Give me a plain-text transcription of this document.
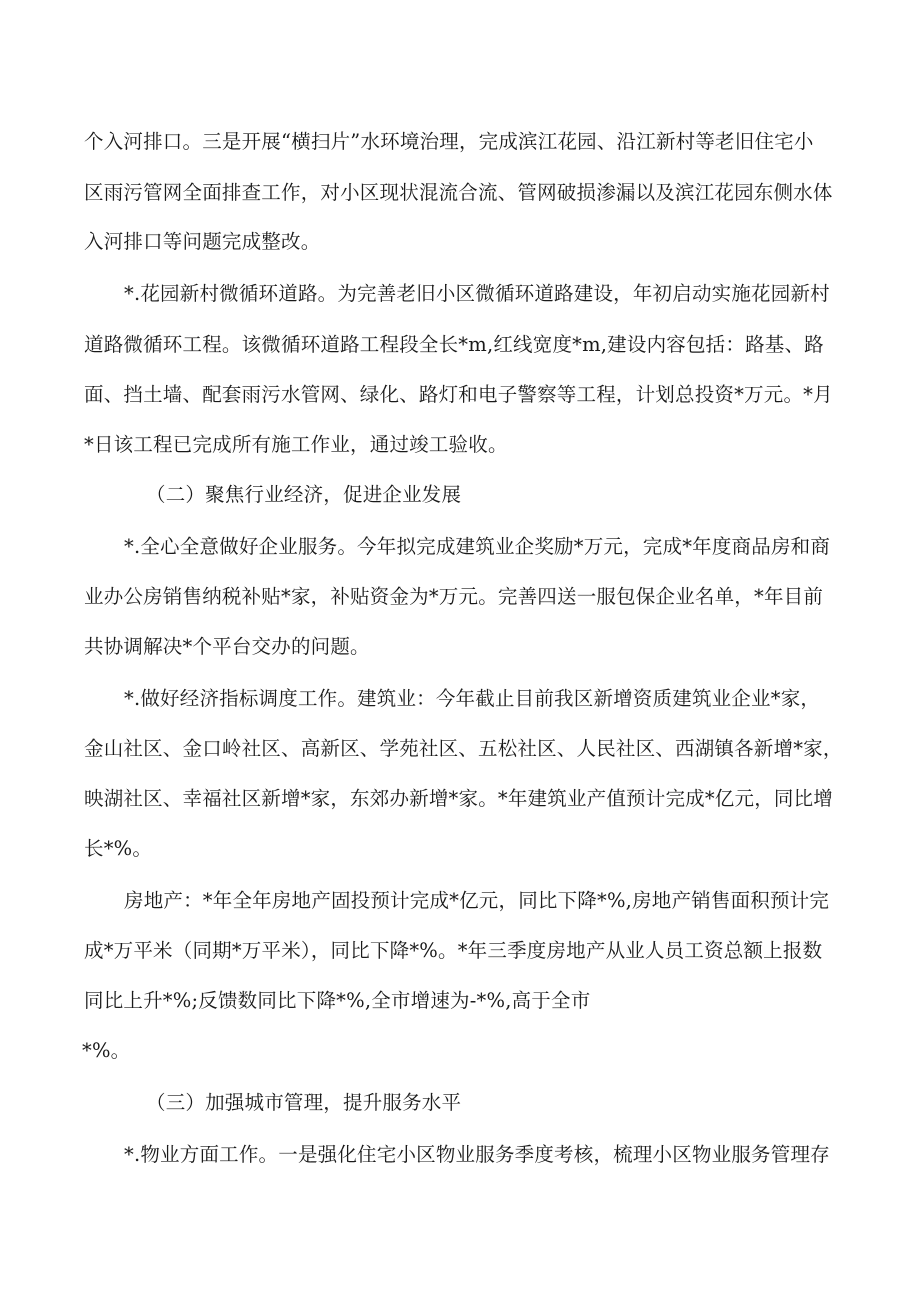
个入河排口。三是开展“横扫片”水环境治理，完成滨江花园、沿江新村等老旧住宅小
区雨污管网全面排查工作，对小区现状混流合流、管网破损渗漏以及滨江花园东侧水体
入河排口等问题完成整改。
*.花园新村微循环道路。为完善老旧小区微循环道路建设，年初启动实施花园新村
道路微循环工程。该微循环道路工程段全长*m,红线宽度*m,建设内容包括：路基、路
面、挡土墙、配套雨污水管网、绿化、路灯和电子警察等工程，计划总投资*万元。*月
*日该工程已完成所有施工作业，通过竣工验收。
（二）聚焦行业经济，促进企业发展
*.全心全意做好企业服务。今年拟完成建筑业企奖励*万元，完成*年度商品房和商
业办公房销售纳税补贴*家，补贴资金为*万元。完善四送一服包保企业名单，*年目前
共协调解决*个平台交办的问题。
*.做好经济指标调度工作。建筑业：今年截止目前我区新增资质建筑业企业*家，
金山社区、金口岭社区、高新区、学苑社区、五松社区、人民社区、西湖镇各新增*家，
映湖社区、幸福社区新增*家，东郊办新增*家。*年建筑业产值预计完成*亿元，同比增
长*%。
房地产：*年全年房地产固投预计完成*亿元，同比下降*%,房地产销售面积预计完
成*万平米（同期*万平米），同比下降*%。*年三季度房地产从业人员工资总额上报数
同比上升*%;反馈数同比下降*%,全市增速为-*%,高于全市
*%。
（三）加强城市管理，提升服务水平
*.物业方面工作。一是强化住宅小区物业服务季度考核，梳理小区物业服务管理存
